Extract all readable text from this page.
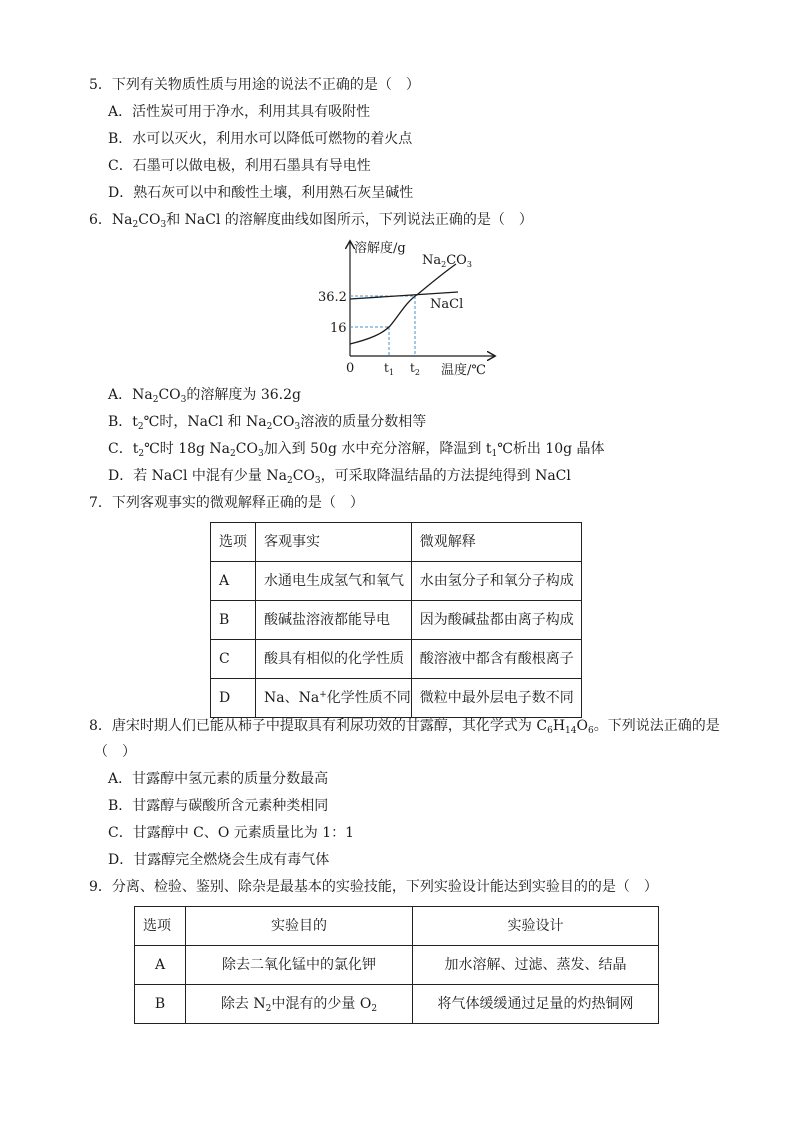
5．下列有关物质性质与用途的说法不正确的是（　）
A．活性炭可用于净水，利用其具有吸附性
B．水可以灭火，利用水可以降低可燃物的着火点
C．石墨可以做电极，利用石墨具有导电性
D．熟石灰可以中和酸性土壤，利用熟石灰呈碱性
6．$Na_2CO_3$和 NaCl 的溶解度曲线如图所示，下列说法正确的是（　）
溶解度/g
温度/℃
0
36.2
16
$t_1$ $t_2$
$Na_2CO_3$
NaCl
A．$Na_2CO_3$的溶解度为 36.2g
B．$t_2℃$时，NaCl 和 $Na_2CO_3$溶液的质量分数相等
C．$t_2℃$时 18g $Na_2CO_3$加入到 50g 水中充分溶解，降温到 $t_1℃$析出 10g 晶体
D．若 NaCl 中混有少量 $Na_2CO_3$，可采取降温结晶的方法提纯得到 NaCl
7．下列客观事实的微观解释正确的是（　）
选项	客观事实	微观解释
A	水通电生成氢气和氧气	水由氢分子和氧分子构成
B	酸碱盐溶液都能导电	因为酸碱盐都由离子构成
C	酸具有相似的化学性质	酸溶液中都含有酸根离子
D	Na、Na+化学性质不同	微粒中最外层电子数不同
8．唐宋时期人们已能从柿子中提取具有利尿功效的甘露醇，其化学式为 $C_6H_{14}O_6$。下列说法正确的是
（　）
A．甘露醇中氢元素的质量分数最高
B．甘露醇与碳酸所含元素种类相同
C．甘露醇中 C、O 元素质量比为 1：1
D．甘露醇完全燃烧会生成有毒气体
9．分离、检验、鉴别、除杂是最基本的实验技能，下列实验设计能达到实验目的的是（　）
选项	实验目的	实验设计
A	除去二氧化锰中的氯化钾	加水溶解、过滤、蒸发、结晶
B	除去 $N_2$中混有的少量 $O_2$	将气体缓缓通过足量的灼热铜网
